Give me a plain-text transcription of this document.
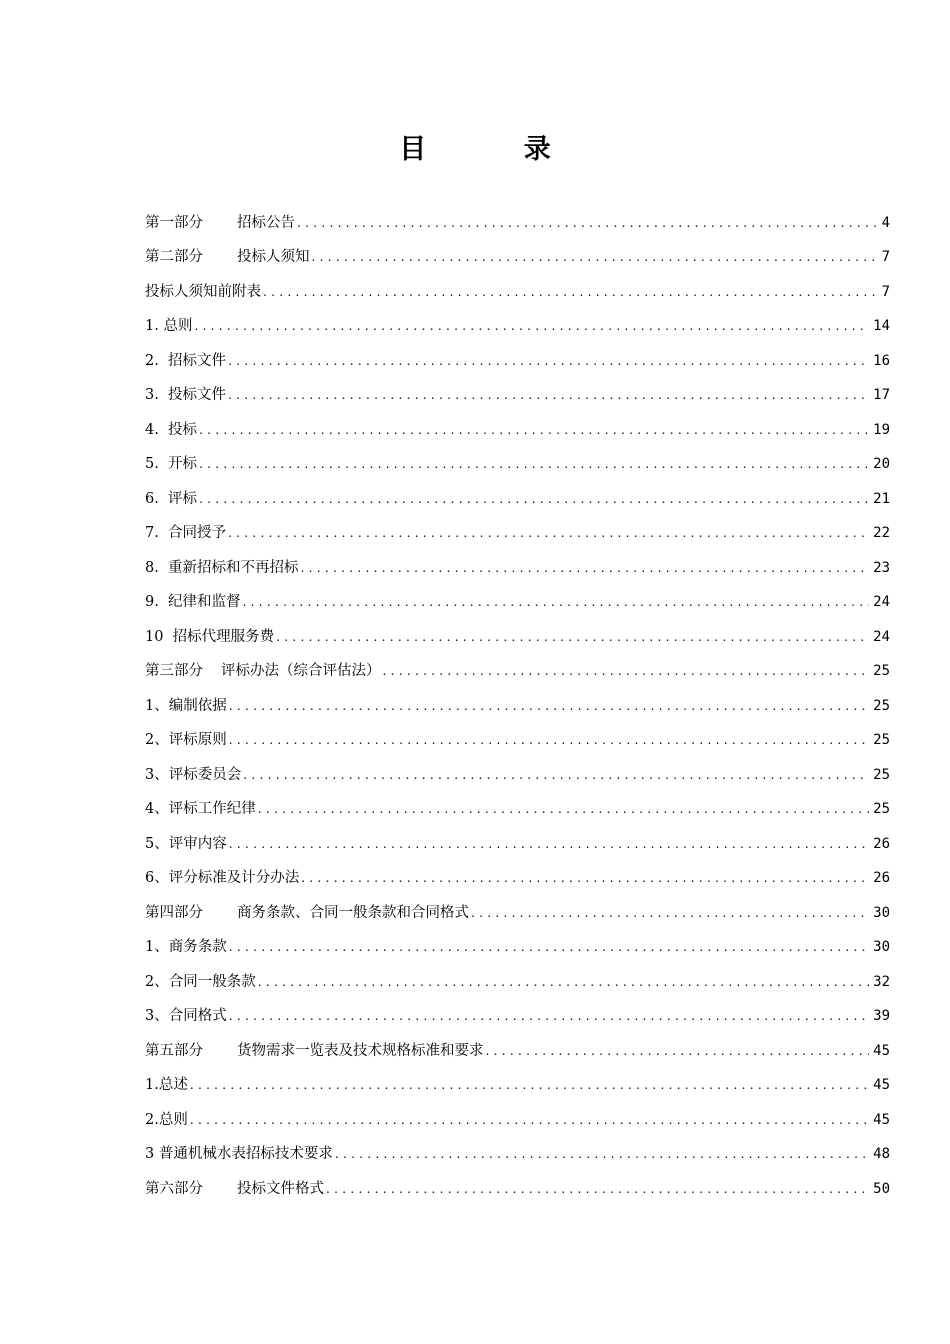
目 录
第一部分 招标公告 .....	4
第二部分 投标人须知 .....	7
投标人须知前附表 .....	7
1. 总则 .....	14
2.  招标文件 .....	16
3.  投标文件 .....	17
4.  投标 .....	19
5.  开标 .....	20
6.  评标 .....	21
7.  合同授予 .....	22
8.  重新招标和不再招标 .....	23
9.  纪律和监督 .....	24
10  招标代理服务费 .....	24
第三部分 评标办法（综合评估法） .....	25
1、编制依据 .....	25
2、评标原则 .....	25
3、评标委员会 .....	25
4、评标工作纪律 .....	25
5、评审内容 .....	26
6、评分标准及计分办法 .....	26
第四部分 商务条款、合同一般条款和合同格式 .....	30
1、商务条款 .....	30
2、合同一般条款 .....	32
3、合同格式 .....	39
第五部分 货物需求一览表及技术规格标准和要求 .....	45
1.总述 .....	45
2.总则 .....	45
3 普通机械水表招标技术要求 .....	48
第六部分 投标文件格式 .....	50
